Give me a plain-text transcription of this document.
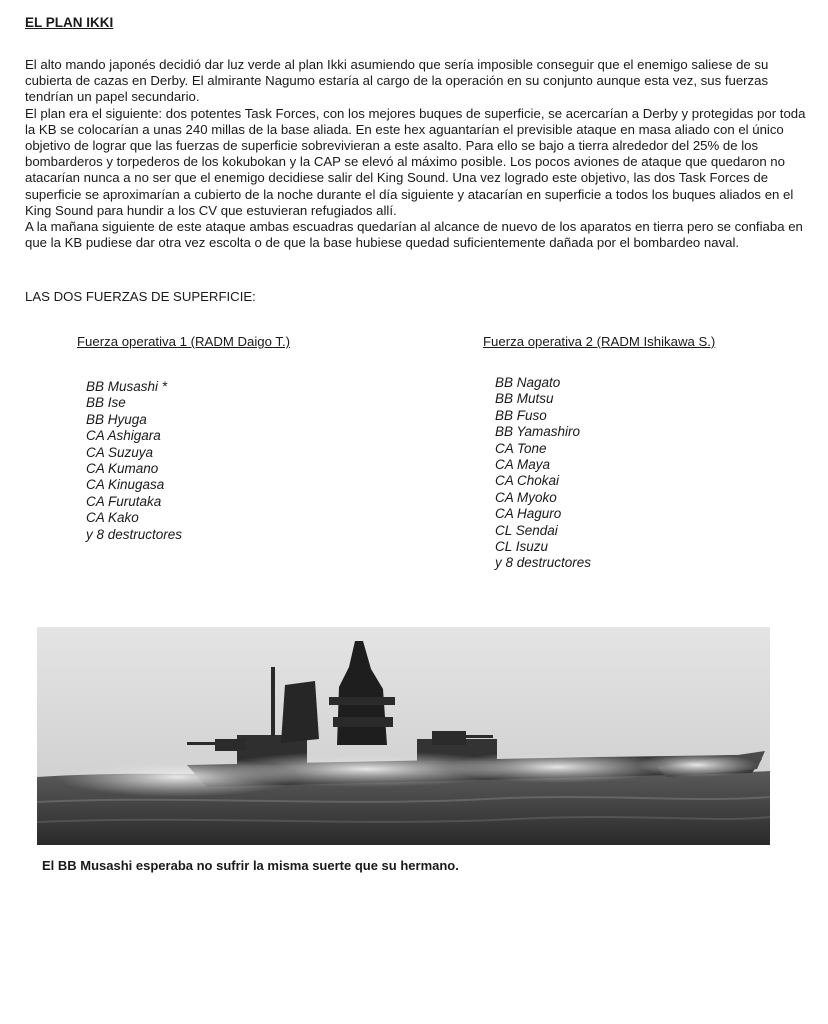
EL PLAN IKKI

El alto mando japonés decidió dar luz verde al plan Ikki asumiendo que sería imposible conseguir que el enemigo saliese de su cubierta de cazas en Derby. El almirante Nagumo estaría al cargo de la operación en su conjunto aunque esta vez, sus fuerzas tendrían un papel secundario.

El plan era el siguiente: dos potentes Task Forces, con los mejores buques de superficie, se acercarían a Derby y protegidas por toda la KB se colocarían a unas 240 millas de la base aliada. En este hex aguantarían el previsible ataque en masa aliado con el único objetivo de lograr que las fuerzas de superficie sobrevivieran a este asalto. Para ello se bajo a tierra alrededor del 25% de los bombarderos y torpederos de los kokubokan y la CAP se elevó al máximo posible. Los pocos aviones de ataque que quedaron no atacarían nunca a no ser que el enemigo decidiese salir del King Sound. Una vez logrado este objetivo, las dos Task Forces de superficie se aproximarían a cubierto de la noche durante el día siguiente y atacarían en superficie a todos los buques aliados en el King Sound para hundir a los CV que estuvieran refugiados allí.

A la mañana siguiente de este ataque ambas escuadras quedarían al alcance de nuevo de los aparatos en tierra pero se confiaba en que la KB pudiese dar otra vez escolta o de que la base hubiese quedad suficientemente dañada por el bombardeo naval.

LAS DOS FUERZAS DE SUPERFICIE:

Fuerza operativa 1 (RADM Daigo T.)	Fuerza operativa 2 (RADM Ishikawa S.)

BB Musashi *
BB Ise
BB Hyuga
CA Ashigara
CA Suzuya
CA Kumano
CA Kinugasa
CA Furutaka
CA Kako
y 8 destructores
BB Nagato
BB Mutsu
BB Fuso
BB Yamashiro
CA Tone
CA Maya
CA Chokai
CA Myoko
CA Haguro
CL Sendai
CL Isuzu
y 8 destructores

El BB Musashi esperaba no sufrir la misma suerte que su hermano.
